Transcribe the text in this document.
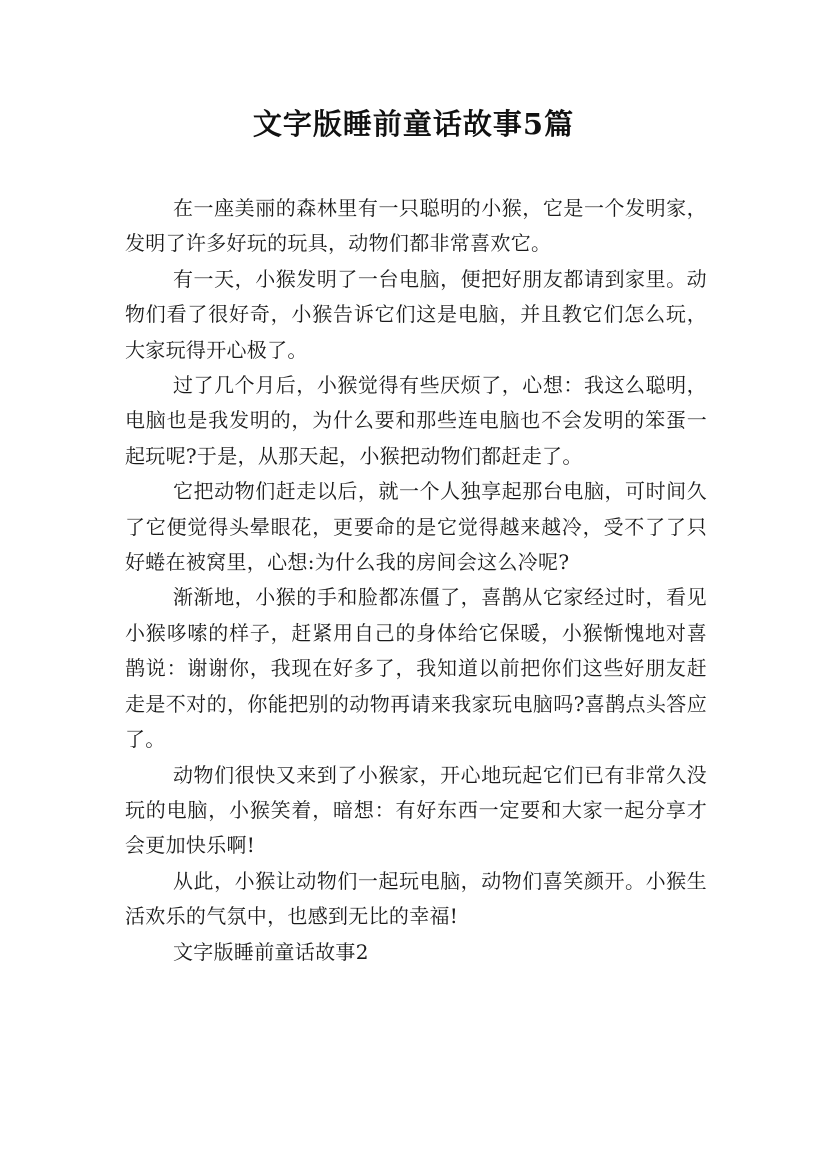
文字版睡前童话故事5篇

在一座美丽的森林里有一只聪明的小猴，它是一个发明家，发明了许多好玩的玩具，动物们都非常喜欢它。

有一天，小猴发明了一台电脑，便把好朋友都请到家里。动物们看了很好奇，小猴告诉它们这是电脑，并且教它们怎么玩，大家玩得开心极了。

过了几个月后，小猴觉得有些厌烦了，心想：我这么聪明，电脑也是我发明的，为什么要和那些连电脑也不会发明的笨蛋一起玩呢?于是，从那天起，小猴把动物们都赶走了。

它把动物们赶走以后，就一个人独享起那台电脑，可时间久了它便觉得头晕眼花，更要命的是它觉得越来越冷，受不了了只好蜷在被窝里，心想:为什么我的房间会这么冷呢?

渐渐地，小猴的手和脸都冻僵了，喜鹊从它家经过时，看见小猴哆嗦的样子，赶紧用自己的身体给它保暖，小猴惭愧地对喜鹊说：谢谢你，我现在好多了，我知道以前把你们这些好朋友赶走是不对的，你能把别的动物再请来我家玩电脑吗?喜鹊点头答应了。

动物们很快又来到了小猴家，开心地玩起它们已有非常久没玩的电脑，小猴笑着，暗想：有好东西一定要和大家一起分享才会更加快乐啊!

从此，小猴让动物们一起玩电脑，动物们喜笑颜开。小猴生活欢乐的气氛中，也感到无比的幸福!

文字版睡前童话故事2
